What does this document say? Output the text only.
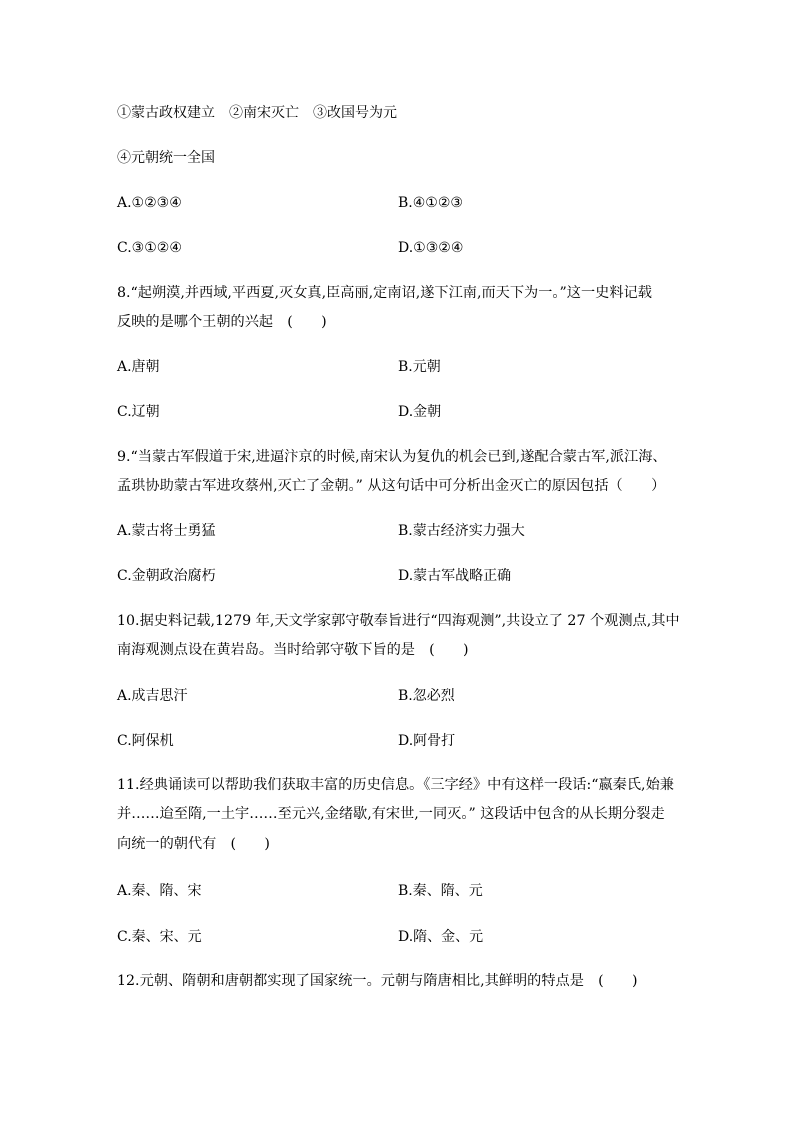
①蒙古政权建立　②南宋灭亡　③改国号为元
④元朝统一全国
A.①②③④	B.④①②③
C.③①②④	D.①③②④
8.“起朔漠,并西域,平西夏,灭女真,臣高丽,定南诏,遂下江南,而天下为一。”这一史料记载
反映的是哪个王朝的兴起　(　　)
A.唐朝	B.元朝
C.辽朝	D.金朝
9.“当蒙古军假道于宋,进逼汴京的时候,南宋认为复仇的机会已到,遂配合蒙古军,派江海、
孟珙协助蒙古军进攻蔡州,灭亡了金朝。” 从这句话中可分析出金灭亡的原因包括（　　）
A.蒙古将士勇猛	B.蒙古经济实力强大
C.金朝政治腐朽	D.蒙古军战略正确
10.据史料记载,1279 年,天文学家郭守敬奉旨进行“四海观测”,共设立了 27 个观测点,其中
南海观测点设在黄岩岛。当时给郭守敬下旨的是　(　　)
A.成吉思汗	B.忽必烈
C.阿保机	D.阿骨打
11.经典诵读可以帮助我们获取丰富的历史信息。《三字经》中有这样一段话:“嬴秦氏,始兼
并……迨至隋,一土宇……至元兴,金绪歇,有宋世,一同灭。” 这段话中包含的从长期分裂走
向统一的朝代有　(　　)
A.秦、隋、宋	B.秦、隋、元
C.秦、宋、元	D.隋、金、元
12.元朝、隋朝和唐朝都实现了国家统一。元朝与隋唐相比,其鲜明的特点是　(　　)
